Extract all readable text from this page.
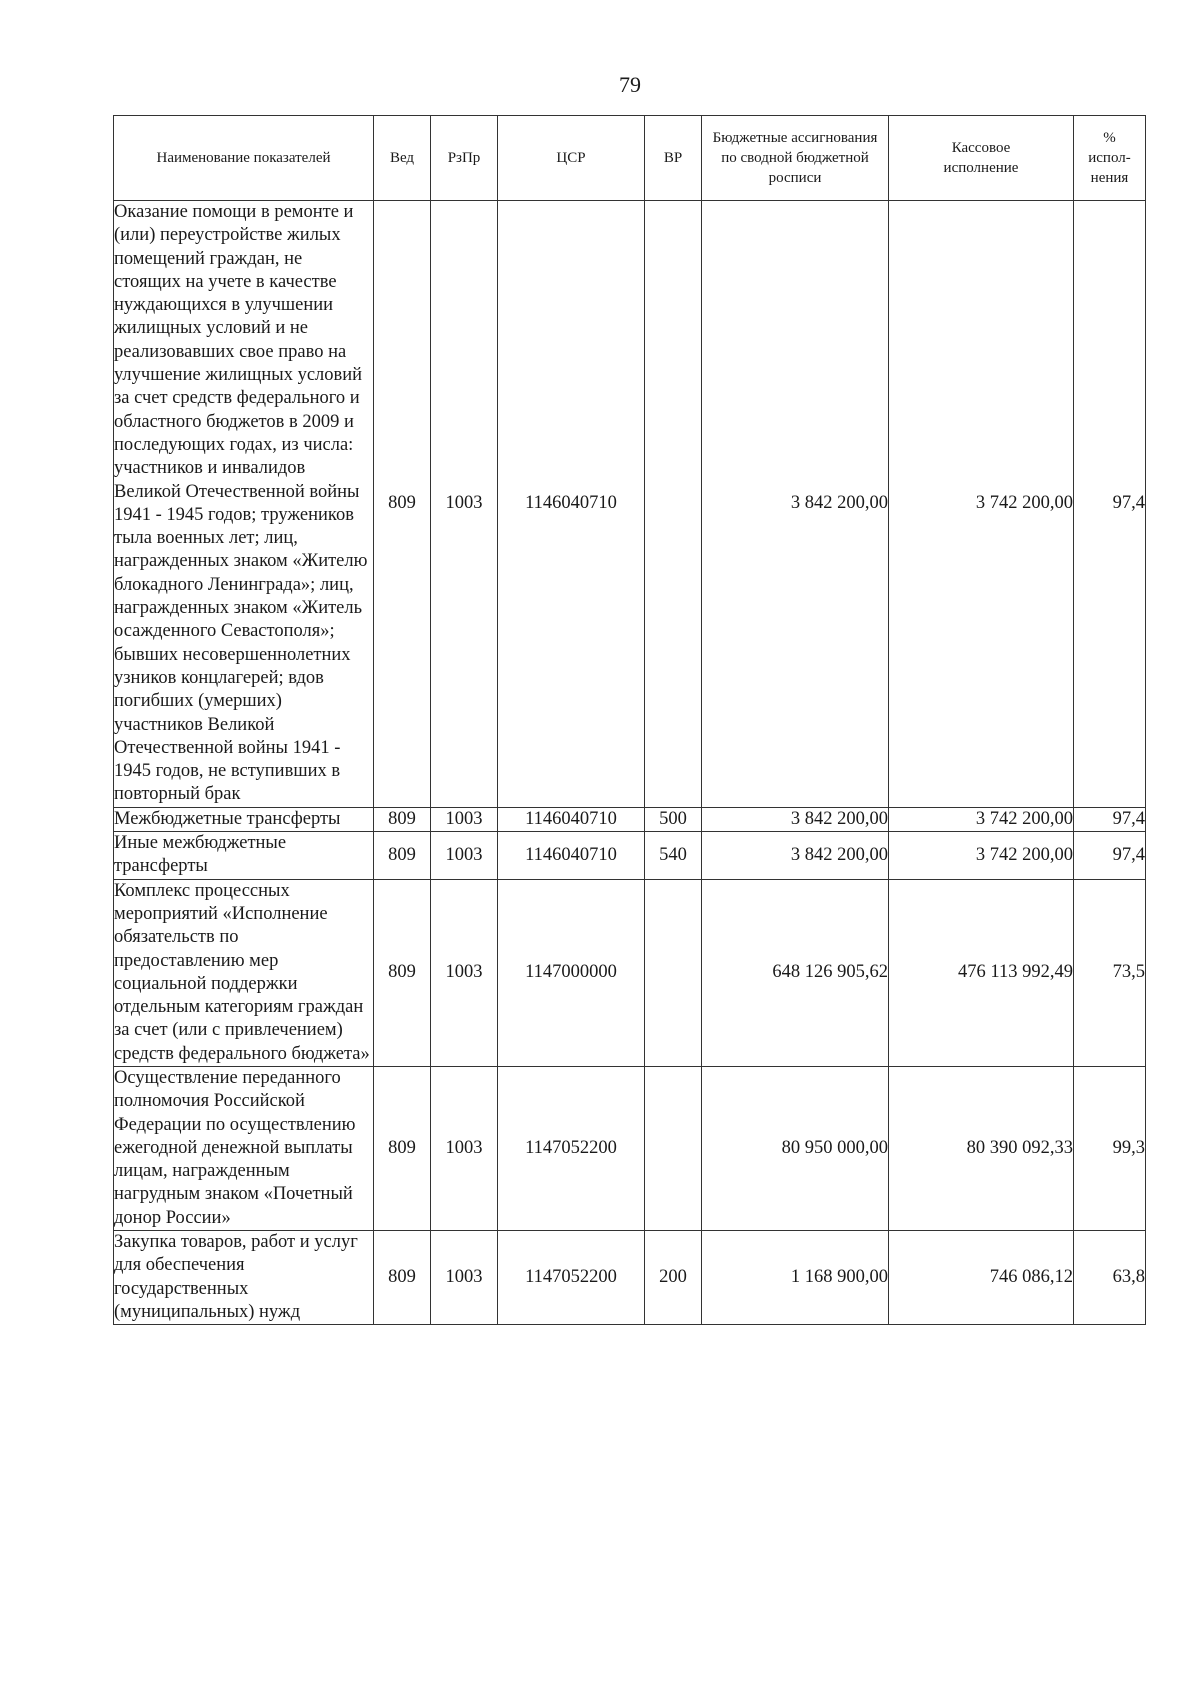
79
Наименование показателей	Вед	РзПр	ЦСР	ВР	Бюджетные ассигнования по сводной бюджетной росписи	Кассовое исполнение	% испол-нения
Оказание помощи в ремонте и (или) переустройстве жилых помещений граждан, не стоящих на учете в качестве нуждающихся в улучшении жилищных условий и не реализовавших свое право на улучшение жилищных условий за счет средств федерального и областного бюджетов в 2009 и последующих годах, из числа: участников и инвалидов Великой Отечественной войны 1941 - 1945 годов; тружеников тыла военных лет; лиц, награжденных знаком «Жителю блокадного Ленинграда»; лиц, награжденных знаком «Житель осажденного Севастополя»; бывших несовершеннолетних узников концлагерей; вдов погибших (умерших) участников Великой Отечественной войны 1941 - 1945 годов, не вступивших в повторный брак	809	1003	1146040710		3 842 200,00	3 742 200,00	97,4
Межбюджетные трансферты	809	1003	1146040710	500	3 842 200,00	3 742 200,00	97,4
Иные межбюджетные трансферты	809	1003	1146040710	540	3 842 200,00	3 742 200,00	97,4
Комплекс процессных мероприятий «Исполнение обязательств по предоставлению мер социальной поддержки отдельным категориям граждан за счет (или с привлечением) средств федерального бюджета»	809	1003	1147000000		648 126 905,62	476 113 992,49	73,5
Осуществление переданного полномочия Российской Федерации по осуществлению ежегодной денежной выплаты лицам, награжденным нагрудным знаком «Почетный донор России»	809	1003	1147052200		80 950 000,00	80 390 092,33	99,3
Закупка товаров, работ и услуг для обеспечения государственных (муниципальных) нужд	809	1003	1147052200	200	1 168 900,00	746 086,12	63,8
